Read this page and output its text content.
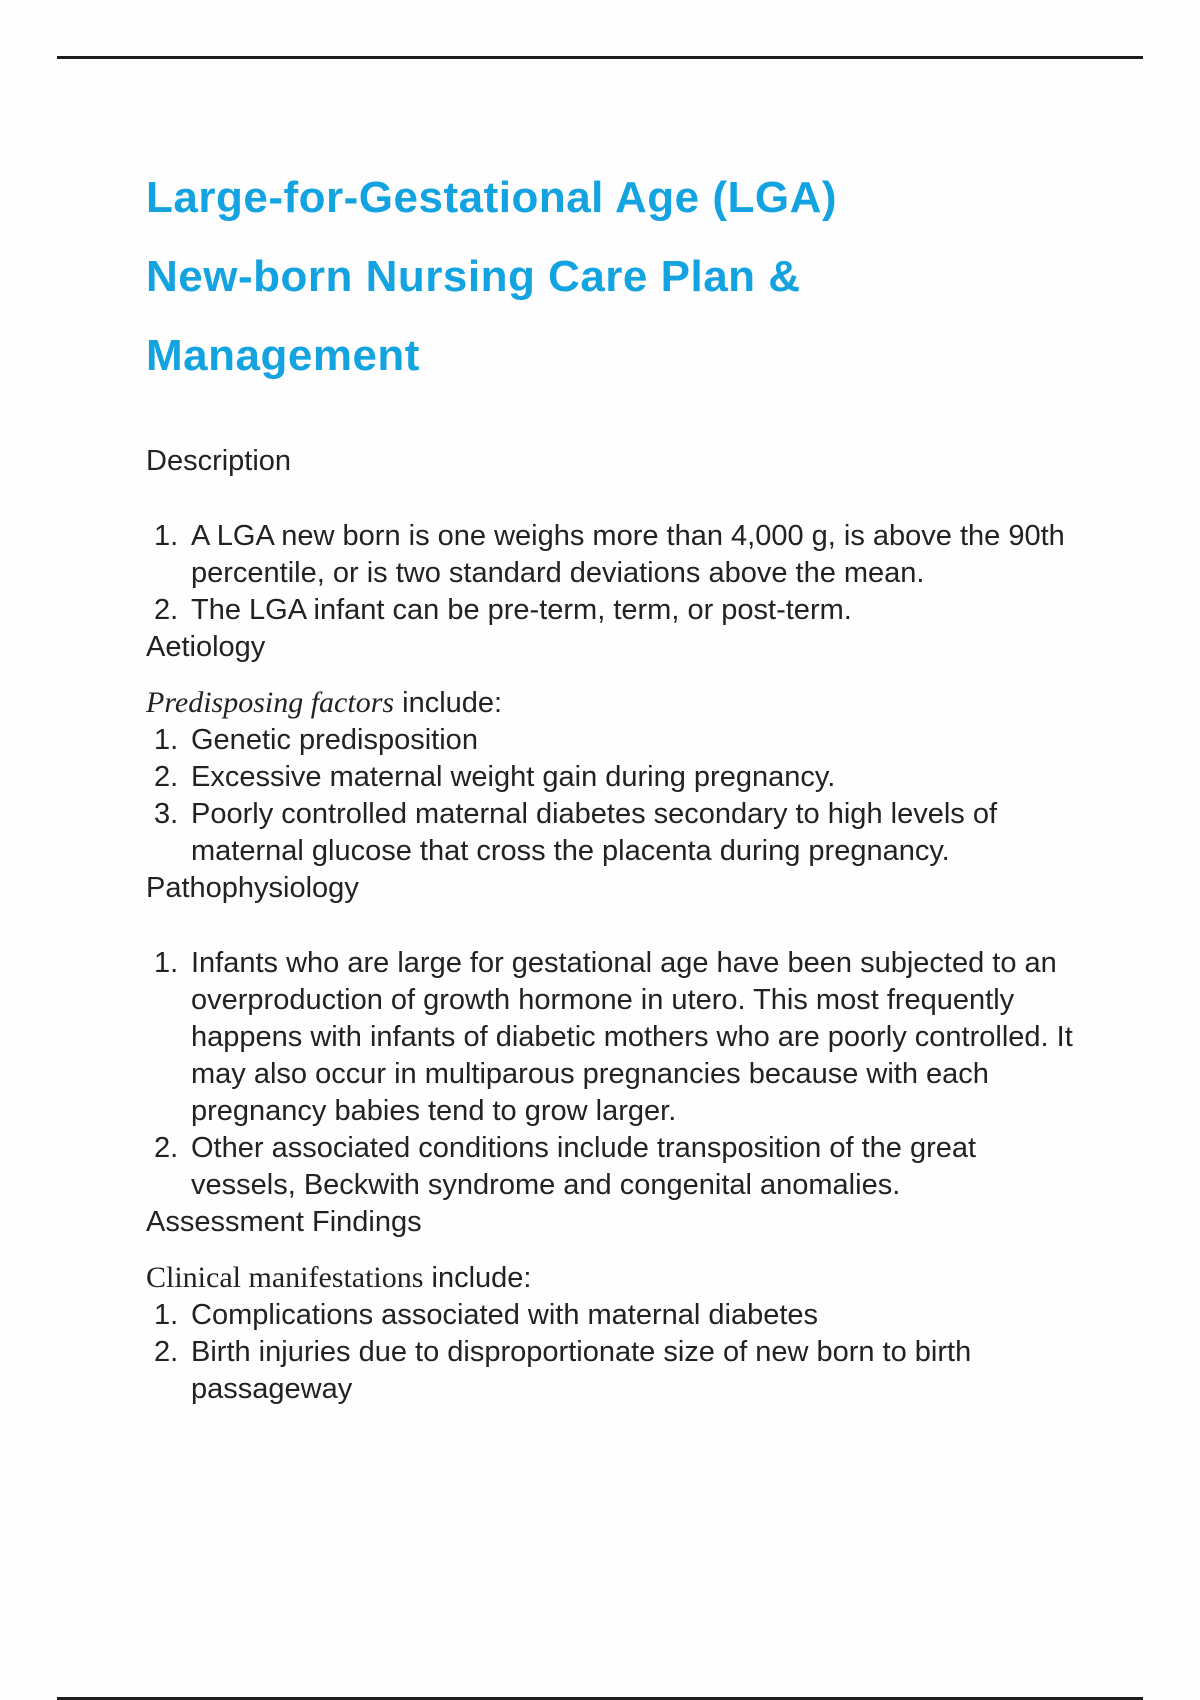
Large-for-Gestational Age (LGA)
New-born Nursing Care Plan &
Management

Description

1. A LGA new born is one weighs more than 4,000 g, is above the 90th percentile, or is two standard deviations above the mean.
2. The LGA infant can be pre-term, term, or post-term.

Aetiology

Predisposing factors include:

1. Genetic predisposition
2. Excessive maternal weight gain during pregnancy.
3. Poorly controlled maternal diabetes secondary to high levels of maternal glucose that cross the placenta during pregnancy.

Pathophysiology

1. Infants who are large for gestational age have been subjected to an overproduction of growth hormone in utero. This most frequently happens with infants of diabetic mothers who are poorly controlled. It may also occur in multiparous pregnancies because with each pregnancy babies tend to grow larger.
2. Other associated conditions include transposition of the great vessels, Beckwith syndrome and congenital anomalies.

Assessment Findings

Clinical manifestations include:

1. Complications associated with maternal diabetes
2. Birth injuries due to disproportionate size of new born to birth passageway
